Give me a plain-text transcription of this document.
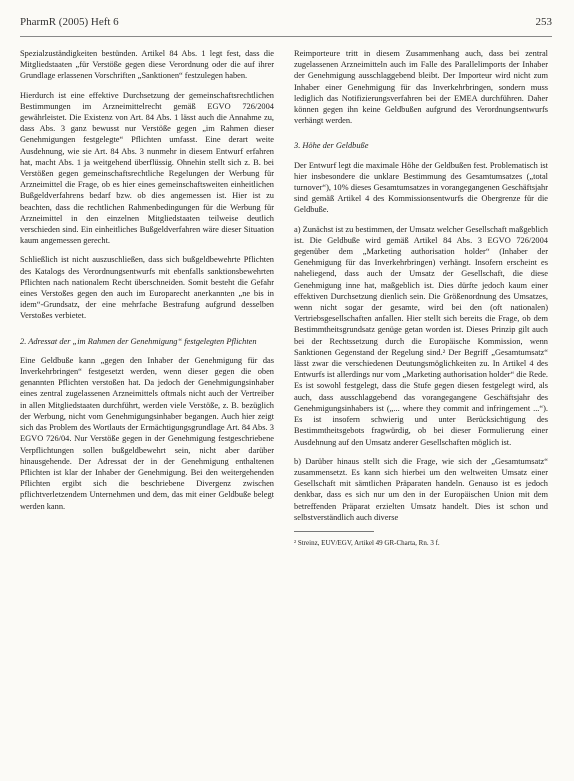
PharmR (2005) Heft 6	253

Spezialzuständigkeiten bestünden. Artikel 84 Abs. 1 legt fest, dass die Mitgliedstaaten „für Verstöße gegen diese Verordnung oder die auf ihrer Grundlage erlassenen Vorschriften „Sanktionen“ festzulegen haben.

Hierdurch ist eine effektive Durchsetzung der gemeinschaftsrechtlichen Bestimmungen im Arzneimittelrecht gemäß EGVO 726/2004 gewährleistet. Die Existenz von Art. 84 Abs. 1 lässt auch die Annahme zu, dass Abs. 3 ganz bewusst nur Verstöße gegen „im Rahmen dieser Genehmigungen festgelegte“ Pflichten umfasst. Eine derart weite Ausdehnung, wie sie Art. 84 Abs. 3 nunmehr in diesem Entwurf erfahren hat, macht Abs. 1 ja weitgehend überflüssig. Ohnehin stellt sich z. B. bei Verstößen gegen gemeinschaftsrechtliche Regelungen der Werbung für Arzneimittel die Frage, ob es hier eines gemeinschaftsweiten einheitlichen Bußgeldverfahrens bedarf bzw. ob dies angemessen ist. Hier ist zu beachten, dass die rechtlichen Rahmenbedingungen für die Werbung für Arzneimittel in den einzelnen Mitgliedstaaten teilweise deutlich verschieden sind. Ein einheitliches Bußgeldverfahren wäre dieser Situation kaum angemessen gerecht.

Schließlich ist nicht auszuschließen, dass sich bußgeldbewehrte Pflichten des Katalogs des Verordnungsentwurfs mit ebenfalls sanktionsbewehrten Pflichten nach nationalem Recht überschneiden. Somit besteht die Gefahr eines Verstoßes gegen den auch im Europarecht anerkannten „ne bis in idem“-Grundsatz, der eine mehrfache Bestrafung aufgrund desselben Verstoßes verbietet.

2. Adressat der „im Rahmen der Genehmigung“ festgelegten Pflichten

Eine Geldbuße kann „gegen den Inhaber der Genehmigung für das Inverkehrbringen“ festgesetzt werden, wenn dieser gegen die oben genannten Pflichten verstoßen hat. Da jedoch der Genehmigungsinhaber eines zentral zugelassenen Arzneimittels oftmals nicht auch der Vertreiber in allen Mitgliedstaaten durchführt, werden viele Verstöße, z. B. bezüglich der Werbung, nicht vom Genehmigungsinhaber begangen. Auch hier zeigt sich das Problem des Wortlauts der Ermächtigungsgrundlage Art. 84 Abs. 3 EGVO 726/04. Nur Verstöße gegen in der Genehmigung festgeschriebene Verpflichtungen sollen bußgeldbewehrt sein, nicht aber darüber hinausgehende. Der Adressat der in der Genehmigung enthaltenen Pflichten ist klar der Inhaber der Genehmigung. Bei den weitergehenden Pflichten ergibt sich die beschriebene Divergenz zwischen pflichtverletzendem Unternehmen und dem, das mit einer Geldbuße belegt werden kann.

Reimporteure tritt in diesem Zusammenhang auch, dass bei zentral zugelassenen Arzneimitteln auch im Falle des Parallelimports der Inhaber der Genehmigung ausschlaggebend bleibt. Der Importeur wird nicht zum Inhaber einer Genehmigung für das Inverkehrbringen, sondern muss lediglich das Notifizierungsverfahren bei der EMEA durchführen. Daher können gegen ihn keine Geldbußen aufgrund des Verordnungsentwurfs verhängt werden.

3. Höhe der Geldbuße

Der Entwurf legt die maximale Höhe der Geldbußen fest. Problematisch ist hier insbesondere die unklare Bestimmung des Gesamtumsatzes („total turnover“), 10% dieses Gesamtumsatzes in vorangegangenen Geschäftsjahr sind gemäß Artikel 4 des Kommissionsentwurfs die Obergrenze für die Geldbuße.

a) Zunächst ist zu bestimmen, der Umsatz welcher Gesellschaft maßgeblich ist. Die Geldbuße wird gemäß Artikel 84 Abs. 3 EGVO 726/2004 gegenüber dem „Marketing authorisation holder“ (Inhaber der Genehmigung für das Inverkehrbringen) verhängt. Insofern erscheint es naheliegend, dass auch der Umsatz der Gesellschaft, die diese Genehmigung inne hat, maßgeblich ist. Dies dürfte jedoch kaum einer effektiven Durchsetzung dienlich sein. Die Größenordnung des Umsatzes, wenn nicht sogar der gesamte, wird bei den (oft nationalen) Vertriebsgesellschaften anfallen. Hier stellt sich bereits die Frage, ob dem Bestimmtheitsgrundsatz genüge getan worden ist. Dieses Prinzip gilt auch bei der Rechtssetzung durch die Europäische Kommission, wenn Sanktionen Gegenstand der Regelung sind.² Der Begriff „Gesamtumsatz“ lässt zwar die verschiedenen Deutungsmöglichkeiten zu. In Artikel 4 des Entwurfs ist allerdings nur vom „Marketing authorisation holder“ die Rede. Es ist sowohl festgelegt, dass die Stufe gegen diesen festgelegt wird, als auch, dass ausschlaggebend das vorangegangene Geschäftsjahr des Genehmigungsinhabers ist („... where they commit and infringement ...“). Es ist insofern schwierig und unter Berücksichtigung des Bestimmtheitsgebots fragwürdig, ob bei dieser Formulierung einer Ausdehnung auf den Umsatz anderer Gesellschaften möglich ist.

b) Darüber hinaus stellt sich die Frage, wie sich der „Gesamtumsatz“ zusammensetzt. Es kann sich hierbei um den weltweiten Umsatz einer Gesellschaft mit sämtlichen Präparaten handeln. Genauso ist es jedoch denkbar, dass es sich nur um den in der Europäischen Union mit dem betreffenden Präparat erzielten Umsatz handelt. Dies ist schon und selbstverständlich auch diverse

² Streinz, EUV/EGV, Artikel 49 GR-Charta, Rn. 3 f.
